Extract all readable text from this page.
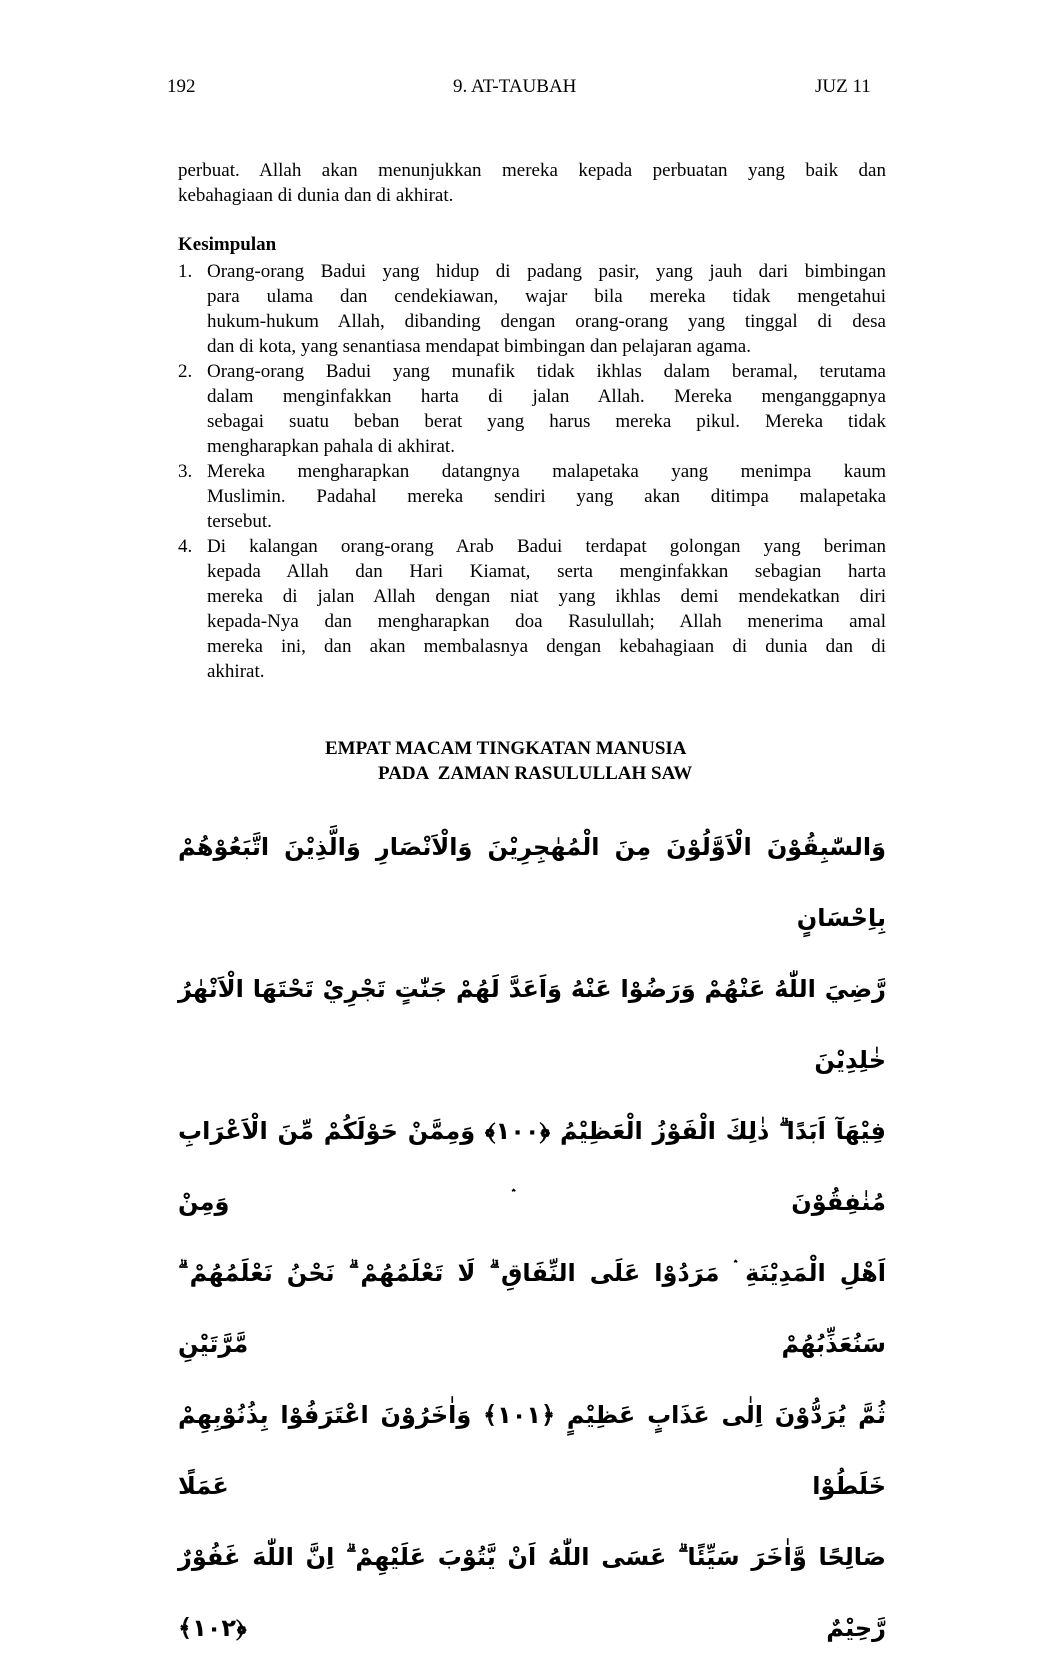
192	9. AT-TAUBAH	JUZ 11
perbuat. Allah akan menunjukkan mereka kepada perbuatan yang baik dan
kebahagiaan di dunia dan di akhirat.
Kesimpulan
1. Orang-orang Badui yang hidup di padang pasir, yang jauh dari bimbingan
para ulama dan cendekiawan, wajar bila mereka tidak mengetahui
hukum-hukum Allah, dibanding dengan orang-orang yang tinggal di desa
dan di kota, yang senantiasa mendapat bimbingan dan pelajaran agama.
2. Orang-orang Badui yang munafik tidak ikhlas dalam beramal, terutama
dalam menginfakkan harta di jalan Allah. Mereka menganggapnya
sebagai suatu beban berat yang harus mereka pikul. Mereka tidak
mengharapkan pahala di akhirat.
3. Mereka mengharapkan datangnya malapetaka yang menimpa kaum
Muslimin. Padahal mereka sendiri yang akan ditimpa malapetaka
tersebut.
4. Di kalangan orang-orang Arab Badui terdapat golongan yang beriman
kepada Allah dan Hari Kiamat, serta menginfakkan sebagian harta
mereka di jalan Allah dengan niat yang ikhlas demi mendekatkan diri
kepada-Nya dan mengharapkan doa Rasulullah; Allah menerima amal
mereka ini, dan akan membalasnya dengan kebahagiaan di dunia dan di
akhirat.
EMPAT MACAM TINGKATAN MANUSIA
PADA  ZAMAN RASULULLAH SAW
وَالسّٰبِقُوْنَ الْاَوَّلُوْنَ مِنَ الْمُهٰجِرِيْنَ وَالْاَنْصَارِ وَالَّذِيْنَ اتَّبَعُوْهُمْ بِاِحْسَانٍ
رَّضِيَ اللّٰهُ عَنْهُمْ وَرَضُوْا عَنْهُ وَاَعَدَّ لَهُمْ جَنّٰتٍ تَجْرِيْ تَحْتَهَا الْاَنْهٰرُ خٰلِدِيْنَ
فِيْهَآ اَبَدًا ۗ ذٰلِكَ الْفَوْزُ الْعَظِيْمُ ﴿١٠٠﴾ وَمِمَّنْ حَوْلَكُمْ مِّنَ الْاَعْرَابِ مُنٰفِقُوْنَ ۛ وَمِنْ
اَهْلِ الْمَدِيْنَةِ ۛ مَرَدُوْا عَلَى النِّفَاقِ ۗ لَا تَعْلَمُهُمْ ۗ نَحْنُ نَعْلَمُهُمْ ۗ سَنُعَذِّبُهُمْ مَّرَّتَيْنِ
ثُمَّ يُرَدُّوْنَ اِلٰى عَذَابٍ عَظِيْمٍ ﴿١٠١﴾ وَاٰخَرُوْنَ اعْتَرَفُوْا بِذُنُوْبِهِمْ خَلَطُوْا عَمَلًا
صَالِحًا وَّاٰخَرَ سَيِّئًا ۗ عَسَى اللّٰهُ اَنْ يَّتُوْبَ عَلَيْهِمْ ۗ اِنَّ اللّٰهَ غَفُوْرٌ رَّحِيْمٌ ﴿١٠٢﴾
